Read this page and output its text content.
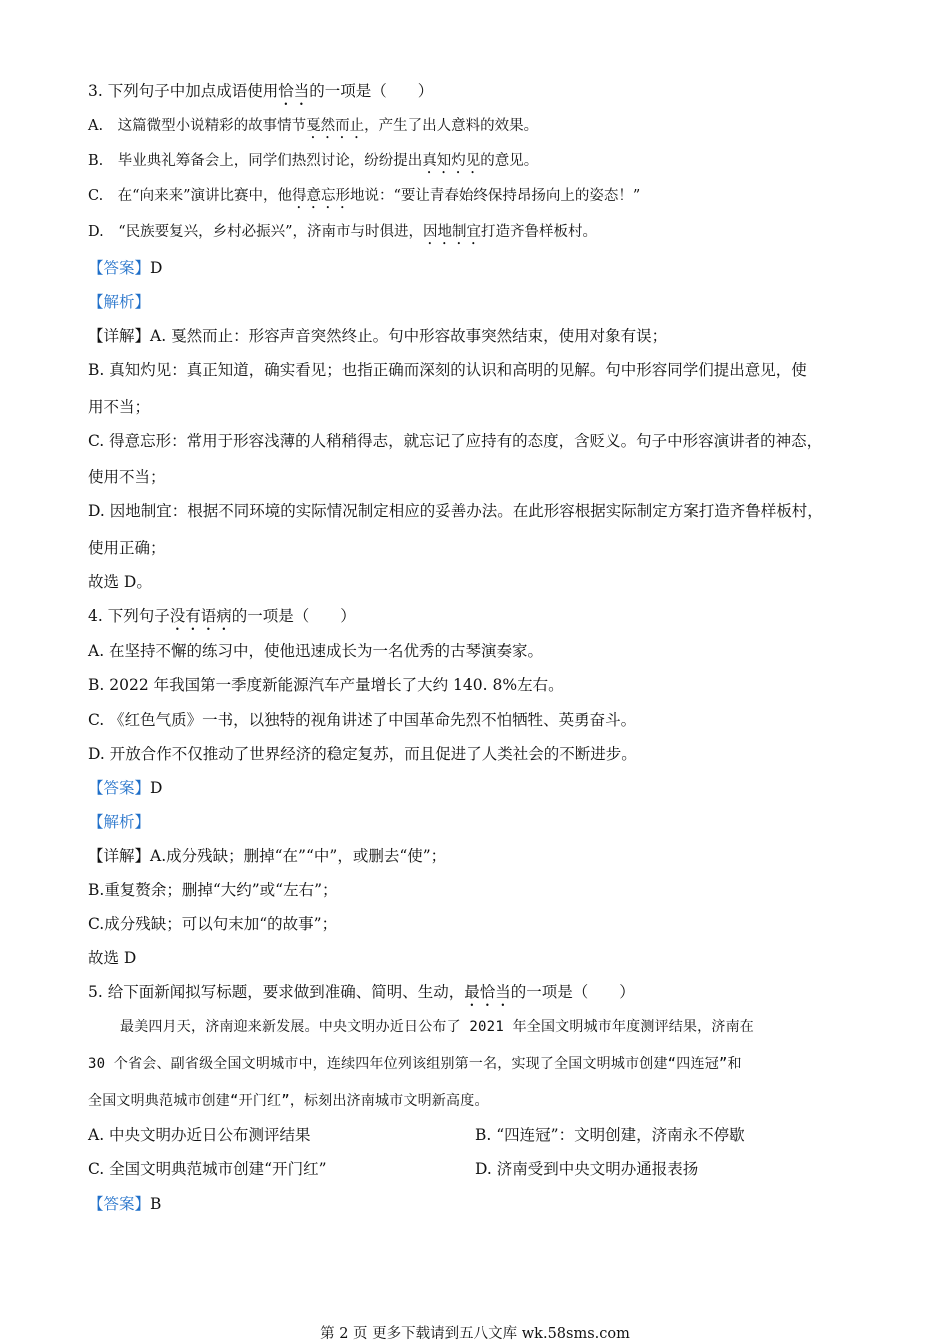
3. 下列句子中加点成语使用恰当的一项是（　　）
A.　这篇微型小说精彩的故事情节戛然而止，产生了出人意料的效果。
B.　毕业典礼筹备会上，同学们热烈讨论，纷纷提出真知灼见的意见。
C.　在“向来来”演讲比赛中，他得意忘形地说：“要让青春始终保持昂扬向上的姿态！”
D.　“民族要复兴，乡村必振兴”，济南市与时俱进，因地制宜打造齐鲁样板村。
【答案】D
【解析】
【详解】A. 戛然而止：形容声音突然终止。句中形容故事突然结束，使用对象有误；
B. 真知灼见：真正知道，确实看见；也指正确而深刻的认识和高明的见解。句中形容同学们提出意见，使
用不当；
C. 得意忘形：常用于形容浅薄的人稍稍得志，就忘记了应持有的态度，含贬义。句子中形容演讲者的神态，
使用不当；
D. 因地制宜：根据不同环境的实际情况制定相应的妥善办法。在此形容根据实际制定方案打造齐鲁样板村，
使用正确；
故选 D。
4. 下列句子没有语病的一项是（　　）
A. 在坚持不懈的练习中，使他迅速成长为一名优秀的古琴演奏家。
B. 2022 年我国第一季度新能源汽车产量增长了大约 140. 8%左右。
C. 《红色气质》一书，以独特的视角讲述了中国革命先烈不怕牺牲、英勇奋斗。
D. 开放合作不仅推动了世界经济的稳定复苏，而且促进了人类社会的不断进步。
【答案】D
【解析】
【详解】A.成分残缺；删掉“在”“中”，或删去“使”；
B.重复赘余；删掉“大约”或“左右”；
C.成分残缺；可以句末加“的故事”；
故选 D
5. 给下面新闻拟写标题，要求做到准确、简明、生动，最恰当的一项是（　　）
最美四月天，济南迎来新发展。中央文明办近日公布了 2021 年全国文明城市年度测评结果，济南在
30 个省会、副省级全国文明城市中，连续四年位列该组别第一名，实现了全国文明城市创建“四连冠”和
全国文明典范城市创建“开门红”，标刻出济南城市文明新高度。
A. 中央文明办近日公布测评结果	B. “四连冠”：文明创建，济南永不停歇
C. 全国文明典范城市创建“开门红”	D. 济南受到中央文明办通报表扬
【答案】B
第 2 页 更多下载请到五八文库 wk.58sms.com
